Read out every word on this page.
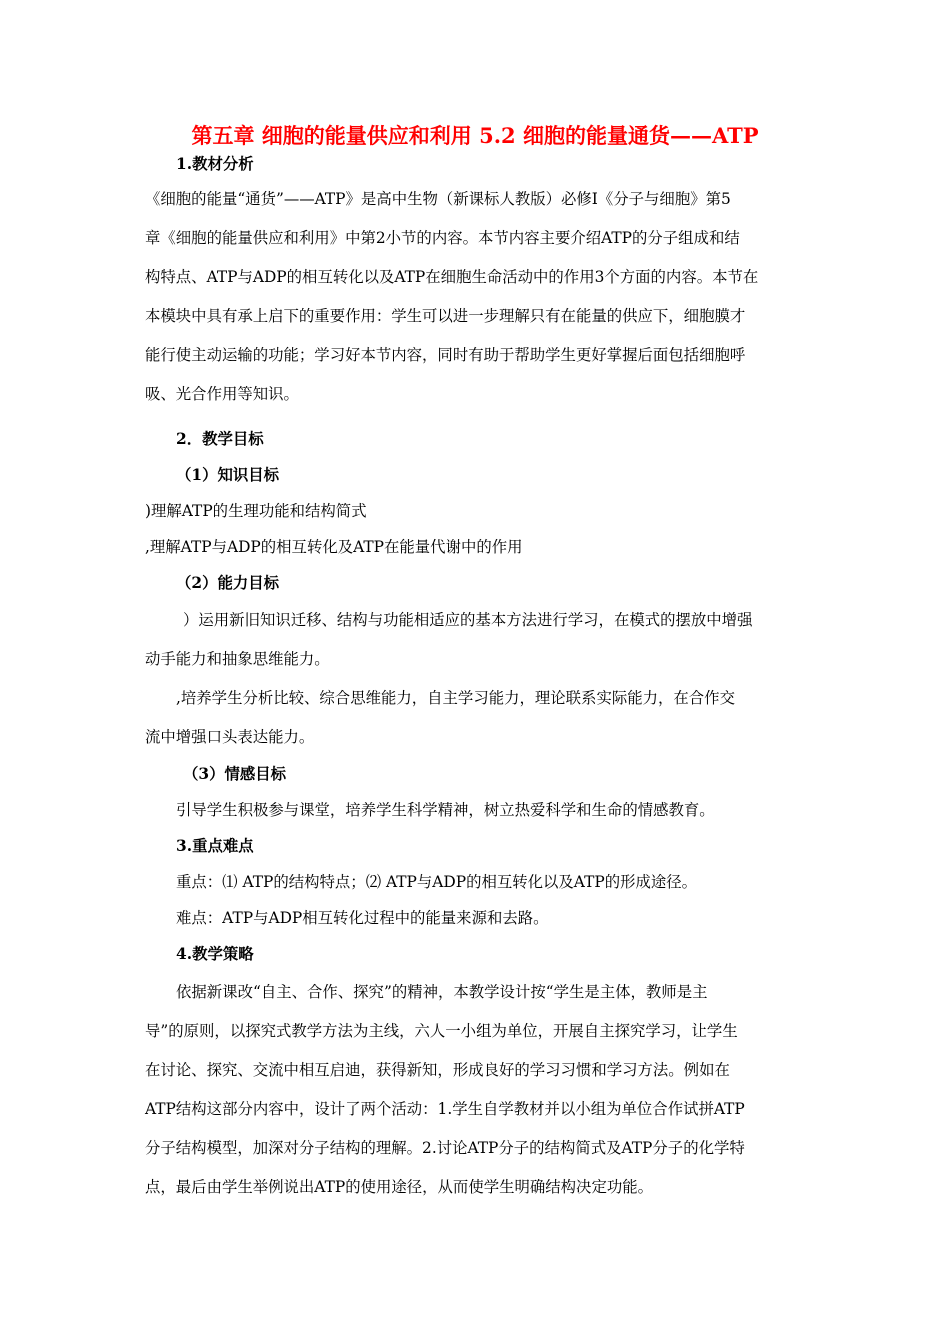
第五章 细胞的能量供应和利用 5.2 细胞的能量通货——ATP
1.教材分析
《细胞的能量“通货”——ATP》是高中生物（新课标人教版）必修Ⅰ《分子与细胞》第5
章《细胞的能量供应和利用》中第2小节的内容。本节内容主要介绍ATP的分子组成和结
构特点、ATP与ADP的相互转化以及ATP在细胞生命活动中的作用3个方面的内容。本节在
本模块中具有承上启下的重要作用：学生可以进一步理解只有在能量的供应下，细胞膜才
能行使主动运输的功能；学习好本节内容，同时有助于帮助学生更好掌握后面包括细胞呼
吸、光合作用等知识。
2．教学目标
（1）知识目标
)理解ATP的生理功能和结构简式
,理解ATP与ADP的相互转化及ATP在能量代谢中的作用
（2）能力目标
）运用新旧知识迁移、结构与功能相适应的基本方法进行学习，在模式的摆放中增强
动手能力和抽象思维能力。
,培养学生分析比较、综合思维能力，自主学习能力，理论联系实际能力，在合作交
流中增强口头表达能力。
（3）情感目标
引导学生积极参与课堂，培养学生科学精神，树立热爱科学和生命的情感教育。
3.重点难点
重点：⑴ ATP的结构特点；⑵ ATP与ADP的相互转化以及ATP的形成途径。
难点：ATP与ADP相互转化过程中的能量来源和去路。
4.教学策略
依据新课改“自主、合作、探究”的精神，本教学设计按“学生是主体，教师是主
导”的原则，以探究式教学方法为主线，六人一小组为单位，开展自主探究学习，让学生
在讨论、探究、交流中相互启迪，获得新知，形成良好的学习习惯和学习方法。例如在
ATP结构这部分内容中，设计了两个活动：1.学生自学教材并以小组为单位合作试拼ATP
分子结构模型，加深对分子结构的理解。2.讨论ATP分子的结构简式及ATP分子的化学特
点，最后由学生举例说出ATP的使用途径，从而使学生明确结构决定功能。
